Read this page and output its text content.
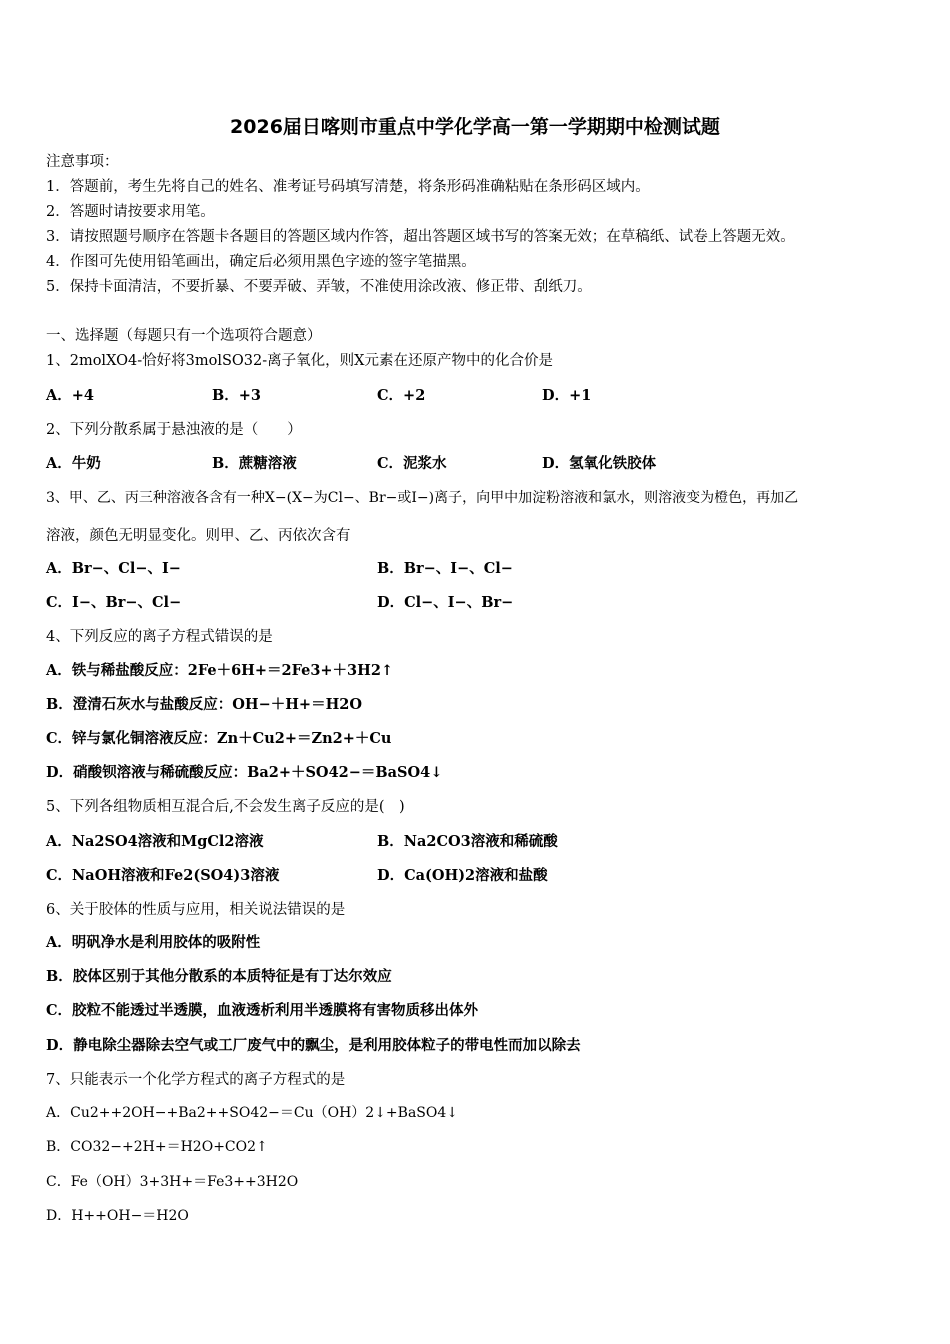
2026届日喀则市重点中学化学高一第一学期期中检测试题
注意事项：
1．答题前，考生先将自己的姓名、准考证号码填写清楚，将条形码准确粘贴在条形码区域内。
2．答题时请按要求用笔。
3．请按照题号顺序在答题卡各题目的答题区域内作答，超出答题区域书写的答案无效；在草稿纸、试卷上答题无效。
4．作图可先使用铅笔画出，确定后必须用黑色字迹的签字笔描黑。
5．保持卡面清洁，不要折暴、不要弄破、弄皱，不准使用涂改液、修正带、刮纸刀。
一、选择题（每题只有一个选项符合题意）
1、2molXO4-恰好将3molSO32-离子氧化，则X元素在还原产物中的化合价是
A．+4	B．+3	C．+2	D．+1
2、下列分散系属于悬浊液的是（　　）
A．牛奶	B．蔗糖溶液	C．泥浆水	D．氢氧化铁胶体
3、甲、乙、丙三种溶液各含有一种X−(X−为Cl−、Br−或I−)离子，向甲中加淀粉溶液和氯水，则溶液变为橙色，再加乙
溶液，颜色无明显变化。则甲、乙、丙依次含有
A．Br−、Cl−、I−	B．Br−、I−、Cl−
C．I−、Br−、Cl−	D．Cl−、I−、Br−
4、下列反应的离子方程式错误的是
A．铁与稀盐酸反应：2Fe＋6H+＝2Fe3+＋3H2↑
B．澄清石灰水与盐酸反应：OH−＋H+＝H2O
C．锌与氯化铜溶液反应：Zn＋Cu2+＝Zn2+＋Cu
D．硝酸钡溶液与稀硫酸反应：Ba2+＋SO42−＝BaSO4↓
5、下列各组物质相互混合后,不会发生离子反应的是(　)
A．Na2SO4溶液和MgCl2溶液	B．Na2CO3溶液和稀硫酸
C．NaOH溶液和Fe2(SO4)3溶液	D．Ca(OH)2溶液和盐酸
6、关于胶体的性质与应用，相关说法错误的是
A．明矾净水是利用胶体的吸附性
B．胶体区别于其他分散系的本质特征是有丁达尔效应
C．胶粒不能透过半透膜，血液透析利用半透膜将有害物质移出体外
D．静电除尘器除去空气或工厂废气中的飘尘，是利用胶体粒子的带电性而加以除去
7、只能表示一个化学方程式的离子方程式的是
A．Cu2++2OH−+Ba2++SO42−＝Cu（OH）2↓+BaSO4↓
B．CO32−+2H+＝H2O+CO2↑
C．Fe（OH）3+3H+＝Fe3++3H2O
D．H++OH−＝H2O
